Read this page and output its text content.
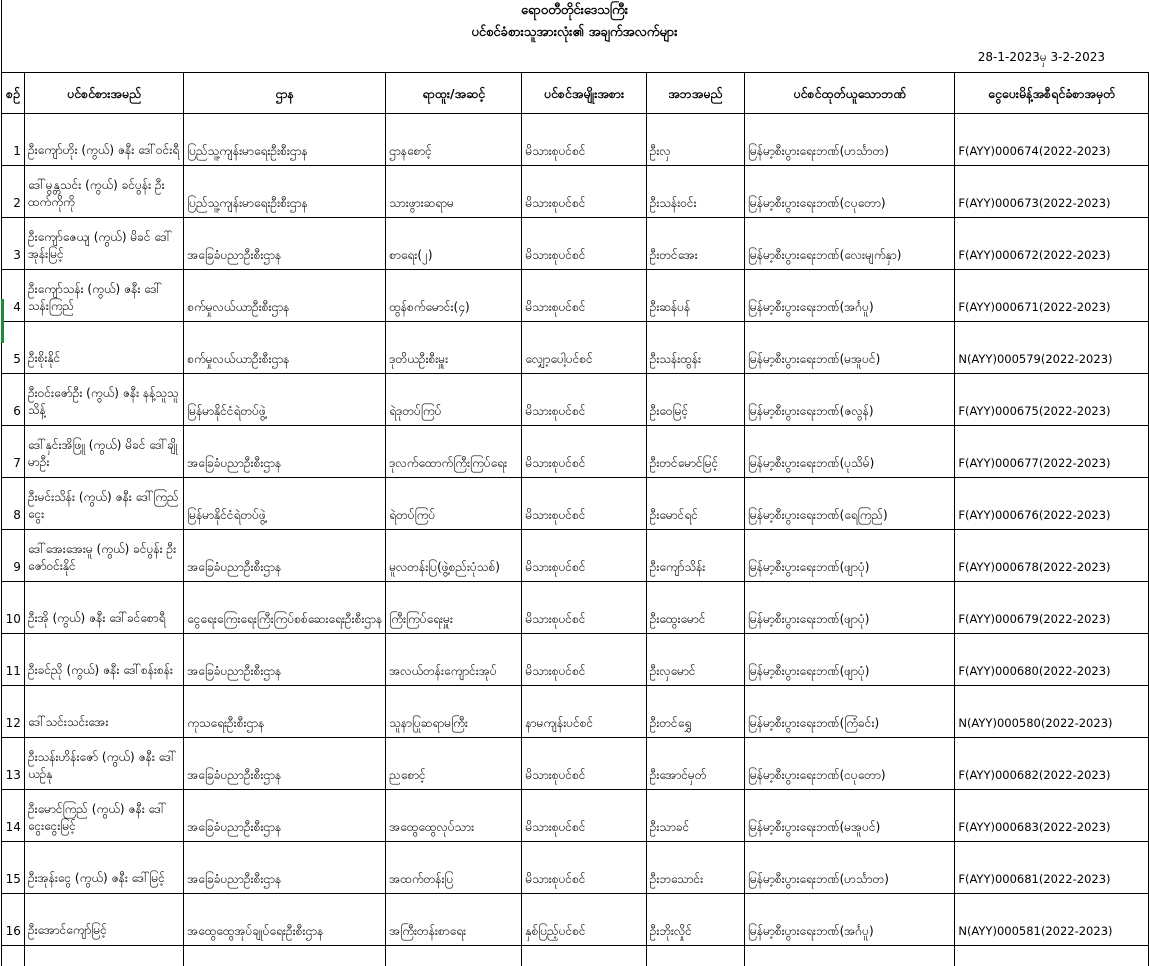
ရောဝတီတိုင်းဒေသကြီး
ပင်စင်ခံစားသူအားလုံး၏ အချက်အလက်များ
28-1-2023မှ 3-2-2023
စဉ်	ပင်စင်စားအမည်	ဌာန	ရာထူး/အဆင့်	ပင်စင်အမျိုးအစား	အဘအမည်	ပင်စင်ထုတ်ယူသောဘဏ်	ငွေပေးမိန့်အစီရင်ခံစာအမှတ်
1	ဦးကျော်ဟိုး (ကွယ်) ဇနီး ဒေါ်ဝင်းရီ	ပြည်သူ့ကျန်းမာရေးဦးစီးဌာန	ဌာနစောင့်	မိသားစုပင်စင်	ဦးလှ	မြန်မာ့စီးပွားရေးဘဏ်(ဟင်္သာတ)	F(AYY)000674(2022-2023)
2	ဒေါ်မွန္တသင်း (ကွယ်) ခင်ပွန်း ဦးထက်ကိုကို	ပြည်သူ့ကျန်းမာရေးဦးစီးဌာန	သားဖွားဆရာမ	မိသားစုပင်စင်	ဦးသန်းဝင်း	မြန်မာ့စီးပွားရေးဘဏ်(ငပုတော)	F(AYY)000673(2022-2023)
3	ဦးကျော်ဇေယျ (ကွယ်) မိခင် ဒေါ်အုန်းမြင့်	အခြေခံပညာဦးစီးဌာန	စာရေး(၂)	မိသားစုပင်စင်	ဦးတင်အေး	မြန်မာ့စီးပွားရေးဘဏ်(လေးမျက်နှာ)	F(AYY)000672(2022-2023)
4	ဦးကျော်သန်း (ကွယ်) ဇနီး ဒေါ်သန်းကြည်	စက်မှုလယ်ယာဦးစီးဌာန	ထွန်စက်မောင်း(၄)	မိသားစုပင်စင်	ဦးဆန်ပန်	မြန်မာ့စီးပွားရေးဘဏ်(အင်္ဂပူ)	F(AYY)000671(2022-2023)
5	ဦးစိုးနိုင်	စက်မှုလယ်ယာဦးစီးဌာန	ဒုတိယဦးစီးမှူး	လျှော့ပေါ့ပင်စင်	ဦးသန်းထွန်း	မြန်မာ့စီးပွားရေးဘဏ်(မအူပင်)	N(AYY)000579(2022-2023)
6	ဦးဝင်းဇော်ဦး (ကွယ်) ဇနီး နန့်သူသူသိန့်	မြန်မာနိုင်ငံရဲတပ်ဖွဲ့	ရဲဒုတပ်ကြပ်	မိသားစုပင်စင်	ဦးဝေမြင့်	မြန်မာ့စီးပွားရေးဘဏ်(ဇလွန်)	F(AYY)000675(2022-2023)
7	ဒေါ်နှင်းအိဖြူ (ကွယ်) မိခင် ဒေါ်ချိုမာဦး	အခြေခံပညာဦးစီးဌာန	ဒုလက်ထောက်ကြီးကြပ်ရေး	မိသားစုပင်စင်	ဦးတင်မောင်မြင့်	မြန်မာ့စီးပွားရေးဘဏ်(ပုသိမ်)	F(AYY)000677(2022-2023)
8	ဦးမင်းသိန်း (ကွယ်) ဇနီး ဒေါ်ကြည်ငွေး	မြန်မာနိုင်ငံရဲတပ်ဖွဲ့	ရဲတပ်ကြပ်	မိသားစုပင်စင်	ဦးမောင်ရင်	မြန်မာ့စီးပွားရေးဘဏ်(ရေကြည်)	F(AYY)000676(2022-2023)
9	ဒေါ်အေးအေးမူ (ကွယ်) ခင်ပွန်း ဦးဇော်ဝင်းနိုင်	အခြေခံပညာဦးစီးဌာန	မူလတန်းပြ(ဖွဲ့စည်းပုံသစ်)	မိသားစုပင်စင်	ဦးကျော်သိန်း	မြန်မာ့စီးပွားရေးဘဏ်(ဖျာပုံ)	F(AYY)000678(2022-2023)
10	ဦးအို (ကွယ်) ဇနီး ဒေါ်ခင်စောရီ	ငွေရေးကြေးရေးကြီးကြပ်စစ်ဆေးရေးဦးစီးဌာန	ကြီးကြပ်ရေးမှူး	မိသားစုပင်စင်	ဦးထွေးမောင်	မြန်မာ့စီးပွားရေးဘဏ်(ဖျာပုံ)	F(AYY)000679(2022-2023)
11	ဦးခင်ညို (ကွယ်) ဇနီး ဒေါ်စန်းစန်း	အခြေခံပညာဦးစီးဌာန	အလယ်တန်းကျောင်းအုပ်	မိသားစုပင်စင်	ဦးလှမောင်	မြန်မာ့စီးပွားရေးဘဏ်(ဖျာပုံ)	F(AYY)000680(2022-2023)
12	ဒေါ်သင်းသင်းအေး	ကုသရေးဦးစီးဌာန	သူနာပြုဆရာမကြီး	နာမကျန်းပင်စင်	ဦးတင်ရွှေ	မြန်မာ့စီးပွားရေးဘဏ်(ကြံခင်း)	N(AYY)000580(2022-2023)
13	ဦးသန်းဟိန်းဇော် (ကွယ်) ဇနီး ဒေါ်ယဉ်နု	အခြေခံပညာဦးစီးဌာန	ညစောင့်	မိသားစုပင်စင်	ဦးအောင်မှတ်	မြန်မာ့စီးပွားရေးဘဏ်(ငပုတော)	F(AYY)000682(2022-2023)
14	ဦးမောင်ကြည် (ကွယ်) ဇနီး ဒေါ်ငွေးငွေးမြင့်	အခြေခံပညာဦးစီးဌာန	အထွေထွေလုပ်သား	မိသားစုပင်စင်	ဦးသာခင်	မြန်မာ့စီးပွားရေးဘဏ်(မအူပင်)	F(AYY)000683(2022-2023)
15	ဦးအုန်းငွေ (ကွယ်) ဇနီး ဒေါ်မြင့်	အခြေခံပညာဦးစီးဌာန	အထက်တန်းပြ	မိသားစုပင်စင်	ဦးဘသောင်း	မြန်မာ့စီးပွားရေးဘဏ်(ဟင်္သာတ)	F(AYY)000681(2022-2023)
16	ဦးအောင်ကျော်မြင့်	အထွေထွေအုပ်ချုပ်ရေးဦးစီးဌာန	အကြီးတန်းစာရေး	နှစ်ပြည့်ပင်စင်	ဦးဘိုးလှိုင်	မြန်မာ့စီးပွားရေးဘဏ်(အင်္ဂပူ)	N(AYY)000581(2022-2023)
